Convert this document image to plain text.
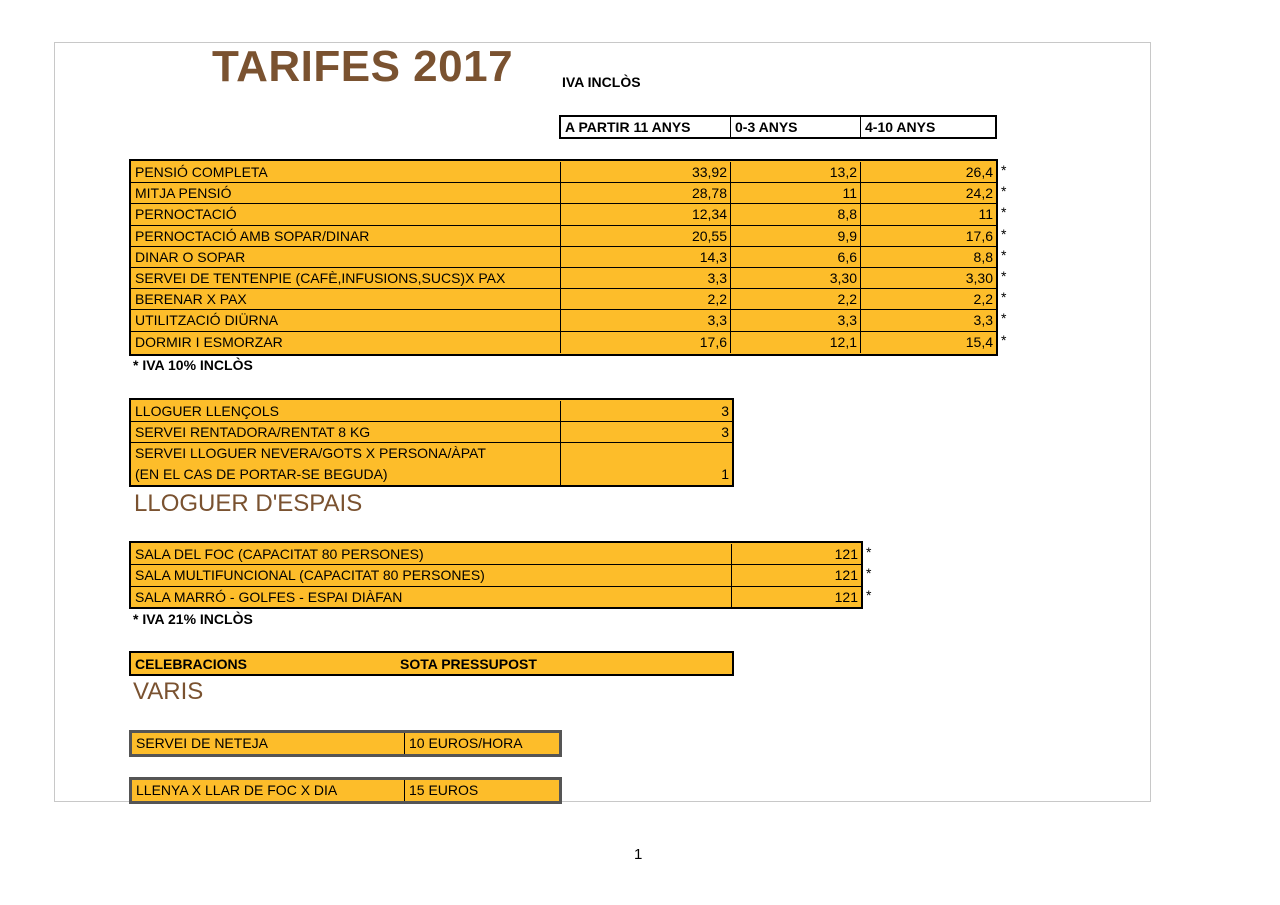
TARIFES 2017	IVA INCLÒS
A PARTIR 11 ANYS	0-3 ANYS	4-10 ANYS
PENSIÓ COMPLETA	33,92	13,2	26,4 *
MITJA PENSIÓ	28,78	11	24,2 *
PERNOCTACIÓ	12,34	8,8	11 *
PERNOCTACIÓ AMB SOPAR/DINAR	20,55	9,9	17,6 *
DINAR O SOPAR	14,3	6,6	8,8 *
SERVEI DE TENTENPIE (CAFÈ,INFUSIONS,SUCS)X PAX	3,3	3,30	3,30 *
BERENAR X PAX	2,2	2,2	2,2 *
UTILITZACIÓ DIÜRNA	3,3	3,3	3,3 *
DORMIR I ESMORZAR	17,6	12,1	15,4 *
* IVA 10% INCLÒS
LLOGUER LLENÇOLS	3
SERVEI RENTADORA/RENTAT 8 KG	3
SERVEI LLOGUER NEVERA/GOTS X PERSONA/ÀPAT
(EN EL CAS DE PORTAR-SE BEGUDA)	1
LLOGUER D'ESPAIS
SALA DEL FOC (CAPACITAT 80 PERSONES)	121 *
SALA MULTIFUNCIONAL (CAPACITAT 80 PERSONES)	121 *
SALA MARRÓ - GOLFES - ESPAI DIÀFAN	121 *
* IVA 21% INCLÒS
CELEBRACIONS	SOTA PRESSUPOST
VARIS
SERVEI DE NETEJA	10 EUROS/HORA
LLENYA X LLAR DE FOC X DIA	15 EUROS
1
